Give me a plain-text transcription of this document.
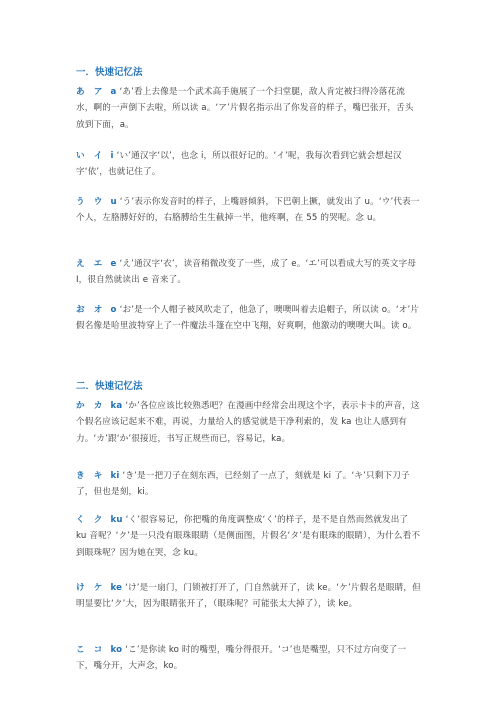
一．快速记忆法
あ ア a ‘あ’看上去像是一个武术高手施展了一个扫堂腿，敌人肯定被扫得冷落花流水，啊的一声倒下去啦，所以读 a。‘ア’片假名指示出了你发音的样子，嘴巴张开，舌头放到下面，a。
い イ i ‘い’通汉字‘以’，也念 i，所以很好记的。‘イ’呢，我每次看到它就会想起汉字‘依’，也就记住了。
う ウ u ‘う’表示你发音时的样子，上嘴唇倾斜，下巴朝上撅，就发出了 u。‘ウ’代表一个人，左胳膊好好的，右胳膊给生生截掉一半，他疼啊，在 55 的哭呢。念 u。
え エ e ‘え’通汉字‘衣’，读音稍微改变了一些，成了 e。‘エ’可以看成大写的英文字母 I，很自然就读出 e 音来了。
お オ o ‘お’是一个人帽子被风吹走了，他急了，噢噢叫着去追帽子，所以读 o。‘オ’片假名像是哈里波特穿上了一件魔法斗篷在空中飞翔，好爽啊，他激动的噢噢大叫。读 o。
二．快速记忆法
か カ ka ‘か’各位应该比较熟悉吧？在漫画中经常会出现这个字，表示卡卡的声音，这个假名应该记起来不难，再说，力量给人的感觉就是干净利索的，发 ka 也让人感到有力。‘カ’跟‘か’很接近，书写正规些而已，容易记，ka。
き キ ki ‘き’是一把刀子在刻东西，已经刻了一点了，刻就是 ki 了。‘キ’只剩下刀子了，但也是刻，ki。
く ク ku ‘く’很容易记，你把嘴的角度调整成‘く’的样子，是不是自然而然就发出了 ku 音呢？‘ク’是一只没有眼珠眼睛（是侧面图，片假名‘タ’是有眼珠的眼睛），为什么看不到眼珠呢？因为她在哭，念 ku。
け ケ ke ‘け’是一扇门，门锁被打开了，门自然就开了，读 ke。‘ケ’片假名是眼睛，但明显要比‘ク’大，因为眼睛张开了，（眼珠呢？可能张太大掉了），读 ke。
こ コ ko ‘こ’是你读 ko 时的嘴型，嘴分得很开。‘コ’也是嘴型，只不过方向变了一下，嘴分开，大声念，ko。
